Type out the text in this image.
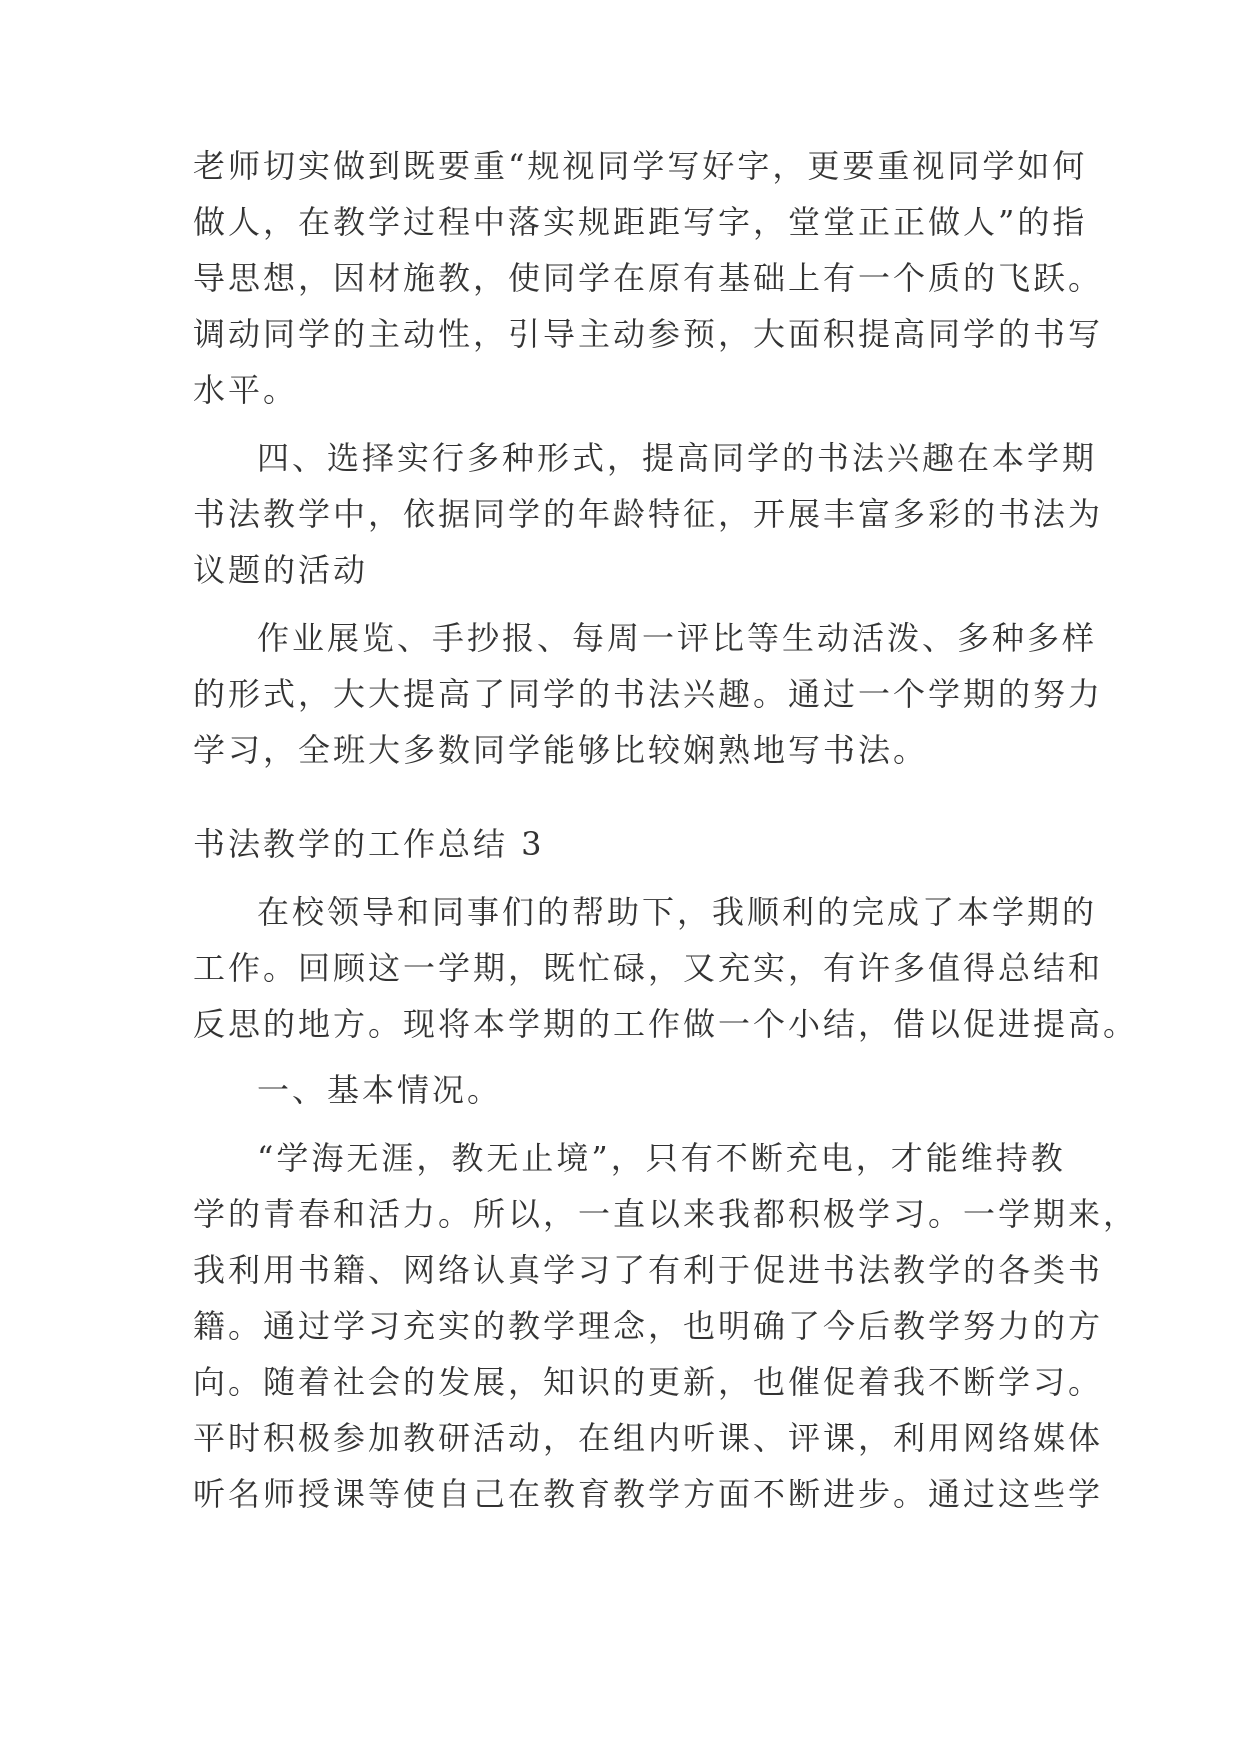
老师切实做到既要重“规视同学写好字，更要重视同学如何
做人，在教学过程中落实规距距写字，堂堂正正做人”的指
导思想，因材施教，使同学在原有基础上有一个质的飞跃。
调动同学的主动性，引导主动参预，大面积提高同学的书写
水平。
四、选择实行多种形式，提高同学的书法兴趣在本学期
书法教学中，依据同学的年龄特征，开展丰富多彩的书法为
议题的活动
作业展览、手抄报、每周一评比等生动活泼、多种多样
的形式，大大提高了同学的书法兴趣。通过一个学期的努力
学习，全班大多数同学能够比较娴熟地写书法。
书法教学的工作总结 3
在校领导和同事们的帮助下，我顺利的完成了本学期的
工作。回顾这一学期，既忙碌，又充实，有许多值得总结和
反思的地方。现将本学期的工作做一个小结，借以促进提高。
一、基本情况。
“学海无涯，教无止境”，只有不断充电，才能维持教
学的青春和活力。所以，一直以来我都积极学习。一学期来，
我利用书籍、网络认真学习了有利于促进书法教学的各类书
籍。通过学习充实的教学理念，也明确了今后教学努力的方
向。随着社会的发展，知识的更新，也催促着我不断学习。
平时积极参加教研活动，在组内听课、评课，利用网络媒体
听名师授课等使自己在教育教学方面不断进步。通过这些学
